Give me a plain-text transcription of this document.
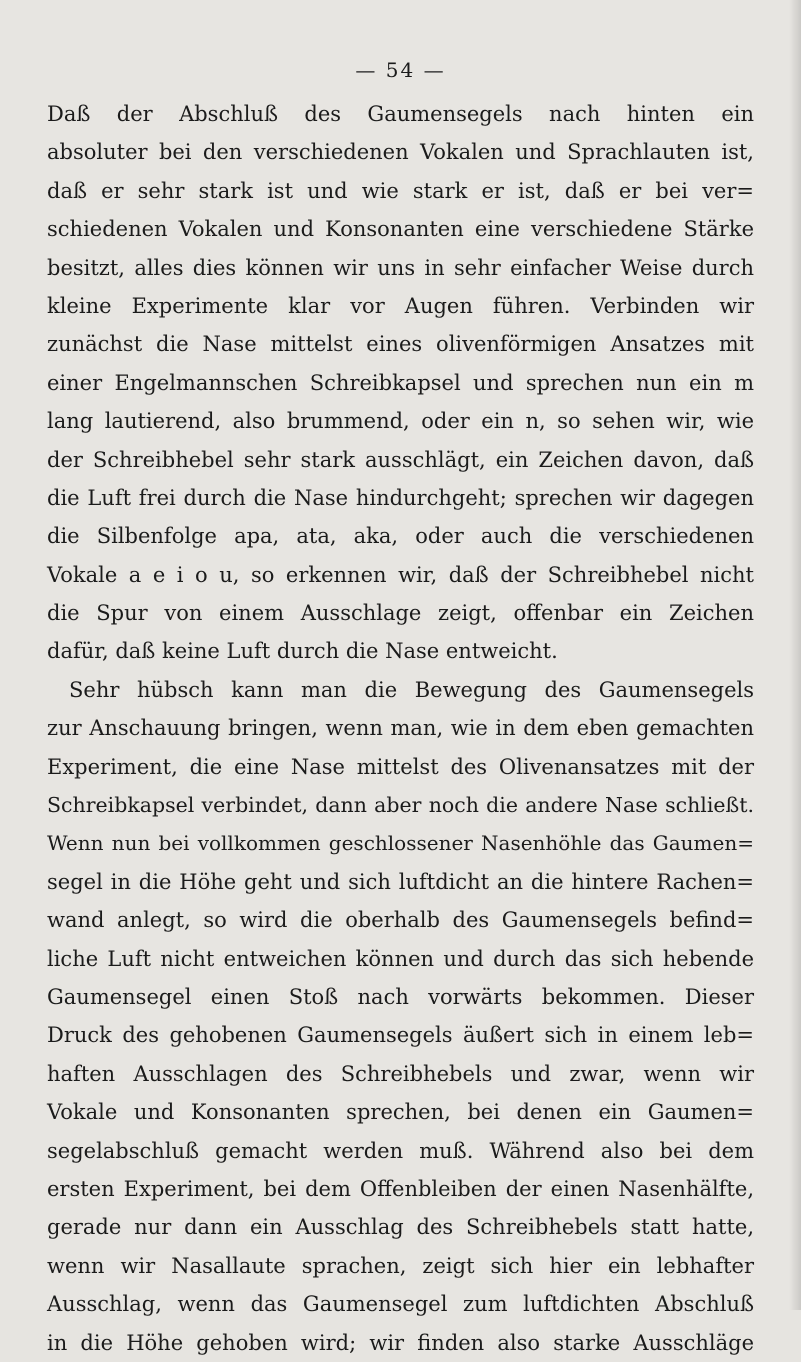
— 54 —
Daß der Abschluß des Gaumensegels nach hinten ein
absoluter bei den verschiedenen Vokalen und Sprachlauten ist,
daß er sehr stark ist und wie stark er ist, daß er bei ver=
schiedenen Vokalen und Konsonanten eine verschiedene Stärke
besitzt, alles dies können wir uns in sehr einfacher Weise durch
kleine Experimente klar vor Augen führen. Verbinden wir
zunächst die Nase mittelst eines olivenförmigen Ansatzes mit
einer Engelmannschen Schreibkapsel und sprechen nun ein m
lang lautierend, also brummend, oder ein n, so sehen wir, wie
der Schreibhebel sehr stark ausschlägt, ein Zeichen davon, daß
die Luft frei durch die Nase hindurchgeht; sprechen wir dagegen
die Silbenfolge apa, ata, aka, oder auch die verschiedenen
Vokale a e i o u, so erkennen wir, daß der Schreibhebel nicht
die Spur von einem Ausschlage zeigt, offenbar ein Zeichen
dafür, daß keine Luft durch die Nase entweicht.
Sehr hübsch kann man die Bewegung des Gaumensegels
zur Anschauung bringen, wenn man, wie in dem eben gemachten
Experiment, die eine Nase mittelst des Olivenansatzes mit der
Schreibkapsel verbindet, dann aber noch die andere Nase schließt.
Wenn nun bei vollkommen geschlossener Nasenhöhle das Gaumen=
segel in die Höhe geht und sich luftdicht an die hintere Rachen=
wand anlegt, so wird die oberhalb des Gaumensegels befind=
liche Luft nicht entweichen können und durch das sich hebende
Gaumensegel einen Stoß nach vorwärts bekommen. Dieser
Druck des gehobenen Gaumensegels äußert sich in einem leb=
haften Ausschlagen des Schreibhebels und zwar, wenn wir
Vokale und Konsonanten sprechen, bei denen ein Gaumen=
segelabschluß gemacht werden muß. Während also bei dem
ersten Experiment, bei dem Offenbleiben der einen Nasenhälfte,
gerade nur dann ein Ausschlag des Schreibhebels statt hatte,
wenn wir Nasallaute sprachen, zeigt sich hier ein lebhafter
Ausschlag, wenn das Gaumensegel zum luftdichten Abschluß
in die Höhe gehoben wird; wir finden also starke Ausschläge
